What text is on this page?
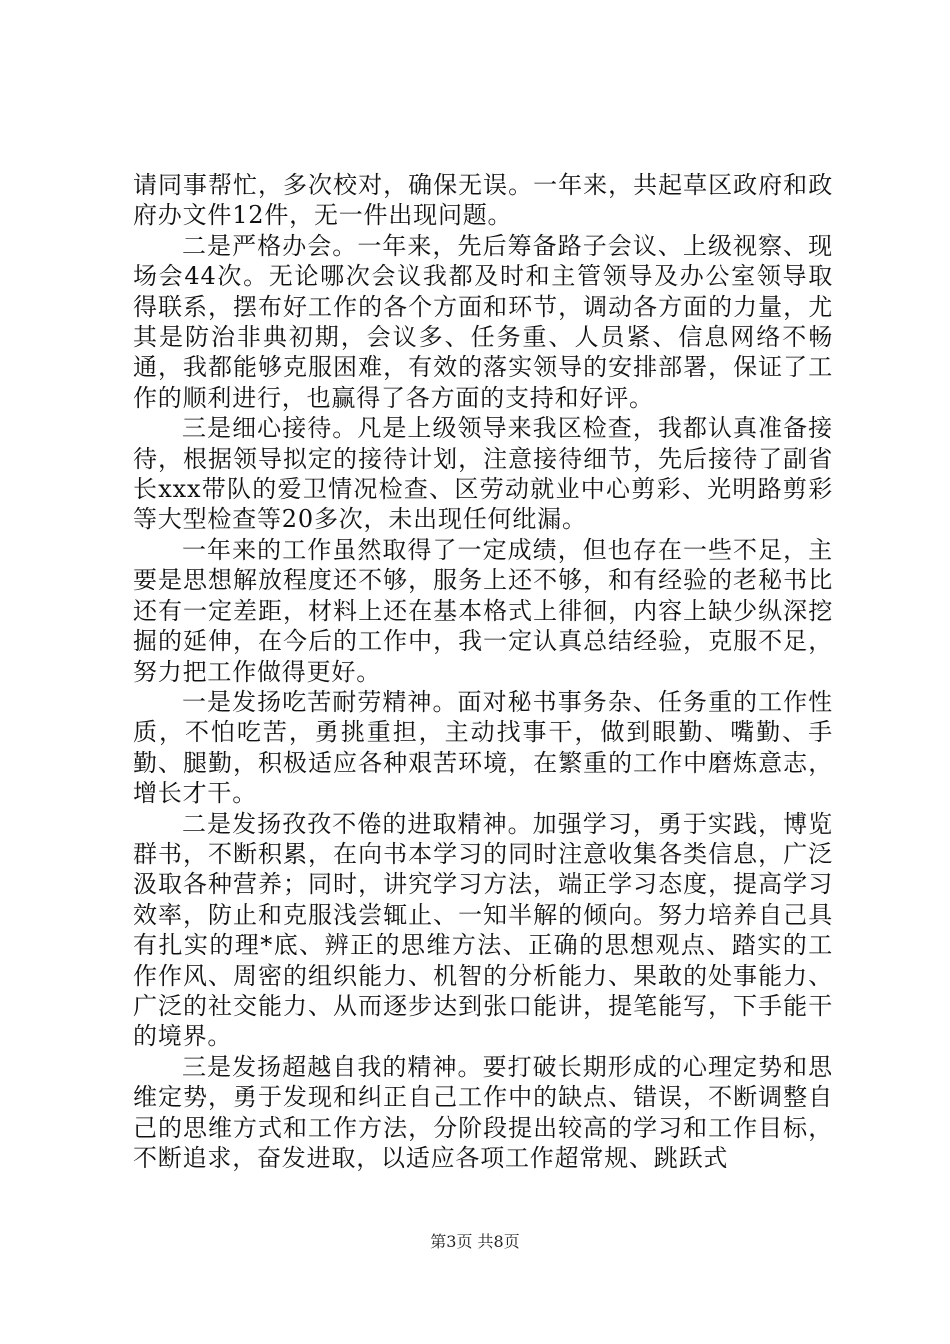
请同事帮忙，多次校对，确保无误。一年来，共起草区政府和政府办文件12件，无一件出现问题。

二是严格办会。一年来，先后筹备路子会议、上级视察、现场会44次。无论哪次会议我都及时和主管领导及办公室领导取得联系，摆布好工作的各个方面和环节，调动各方面的力量，尤其是防治非典初期，会议多、任务重、人员紧、信息网络不畅通，我都能够克服困难，有效的落实领导的安排部署，保证了工作的顺利进行，也赢得了各方面的支持和好评。

三是细心接待。凡是上级领导来我区检查，我都认真准备接待，根据领导拟定的接待计划，注意接待细节，先后接待了副省长xxx带队的爱卫情况检查、区劳动就业中心剪彩、光明路剪彩等大型检查等20多次，未出现任何纰漏。

一年来的工作虽然取得了一定成绩，但也存在一些不足，主要是思想解放程度还不够，服务上还不够，和有经验的老秘书比还有一定差距，材料上还在基本格式上徘徊，内容上缺少纵深挖掘的延伸，在今后的工作中，我一定认真总结经验，克服不足，努力把工作做得更好。

一是发扬吃苦耐劳精神。面对秘书事务杂、任务重的工作性质，不怕吃苦，勇挑重担，主动找事干，做到眼勤、嘴勤、手勤、腿勤，积极适应各种艰苦环境，在繁重的工作中磨炼意志，增长才干。

二是发扬孜孜不倦的进取精神。加强学习，勇于实践，博览群书，不断积累，在向书本学习的同时注意收集各类信息，广泛汲取各种营养；同时，讲究学习方法，端正学习态度，提高学习效率，防止和克服浅尝辄止、一知半解的倾向。努力培养自己具有扎实的理*底、辨正的思维方法、正确的思想观点、踏实的工作作风、周密的组织能力、机智的分析能力、果敢的处事能力、广泛的社交能力、从而逐步达到张口能讲，提笔能写，下手能干的境界。

三是发扬超越自我的精神。要打破长期形成的心理定势和思维定势，勇于发现和纠正自己工作中的缺点、错误，不断调整自己的思维方式和工作方法，分阶段提出较高的学习和工作目标，不断追求，奋发进取，以适应各项工作超常规、跳跃式

第3页 共8页
